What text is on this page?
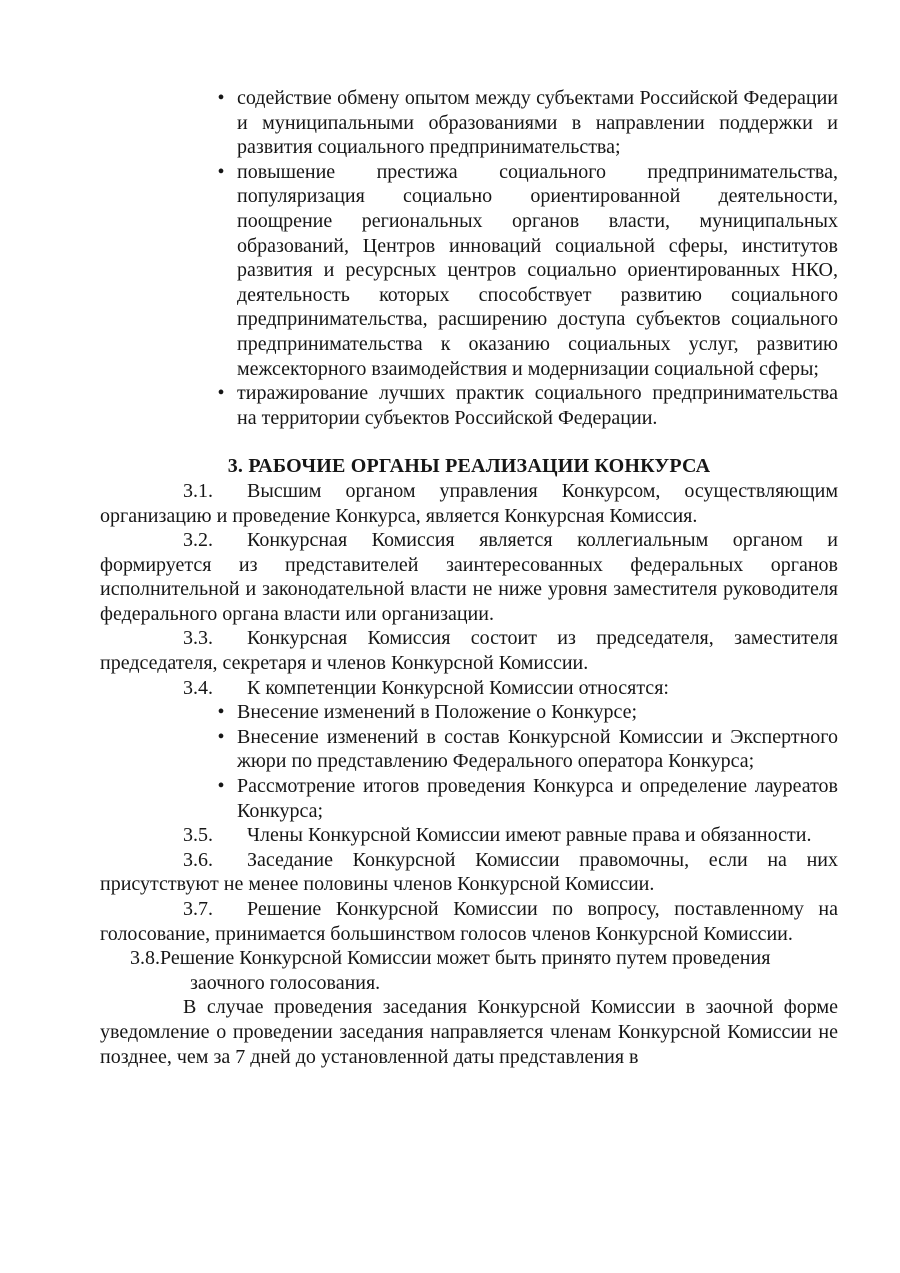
• содействие обмену опытом между субъектами Российской Федерации и муниципальными образованиями в направлении поддержки и развития социального предпринимательства;
• повышение престижа социального предпринимательства, популяризация социально ориентированной деятельности, поощрение региональных органов власти, муниципальных образований, Центров инноваций социальной сферы, институтов развития и ресурсных центров социально ориентированных НКО, деятельность которых способствует развитию социального предпринимательства, расширению доступа субъектов социального предпринимательства к оказанию социальных услуг, развитию межсекторного взаимодействия и модернизации социальной сферы;
• тиражирование лучших практик социального предпринимательства на территории субъектов Российской Федерации.
3. РАБОЧИЕ ОРГАНЫ РЕАЛИЗАЦИИ КОНКУРСА

3.1. Высшим органом управления Конкурсом, осуществляющим организацию и проведение Конкурса, является Конкурсная Комиссия.

3.2. Конкурсная Комиссия является коллегиальным органом и формируется из представителей заинтересованных федеральных органов исполнительной и законодательной власти не ниже уровня заместителя руководителя федерального органа власти или организации.

3.3. Конкурсная Комиссия состоит из председателя, заместителя председателя, секретаря и членов Конкурсной Комиссии.

3.4. К компетенции Конкурсной Комиссии относятся:

• Внесение изменений в Положение о Конкурсе;
• Внесение изменений в состав Конкурсной Комиссии и Экспертного жюри по представлению Федерального оператора Конкурса;
• Рассмотрение итогов проведения Конкурса и определение лауреатов Конкурса;

3.5. Члены Конкурсной Комиссии имеют равные права и обязанности.

3.6. Заседание Конкурсной Комиссии правомочны, если на них присутствуют не менее половины членов Конкурсной Комиссии.

3.7. Решение Конкурсной Комиссии по вопросу, поставленному на голосование, принимается большинством голосов членов Конкурсной Комиссии.

3.8.Решение Конкурсной Комиссии может быть принято путем проведения заочного голосования.

В случае проведения заседания Конкурсной Комиссии в заочной форме уведомление о проведении заседания направляется членам Конкурсной Комиссии не позднее, чем за 7 дней до установленной даты представления в
